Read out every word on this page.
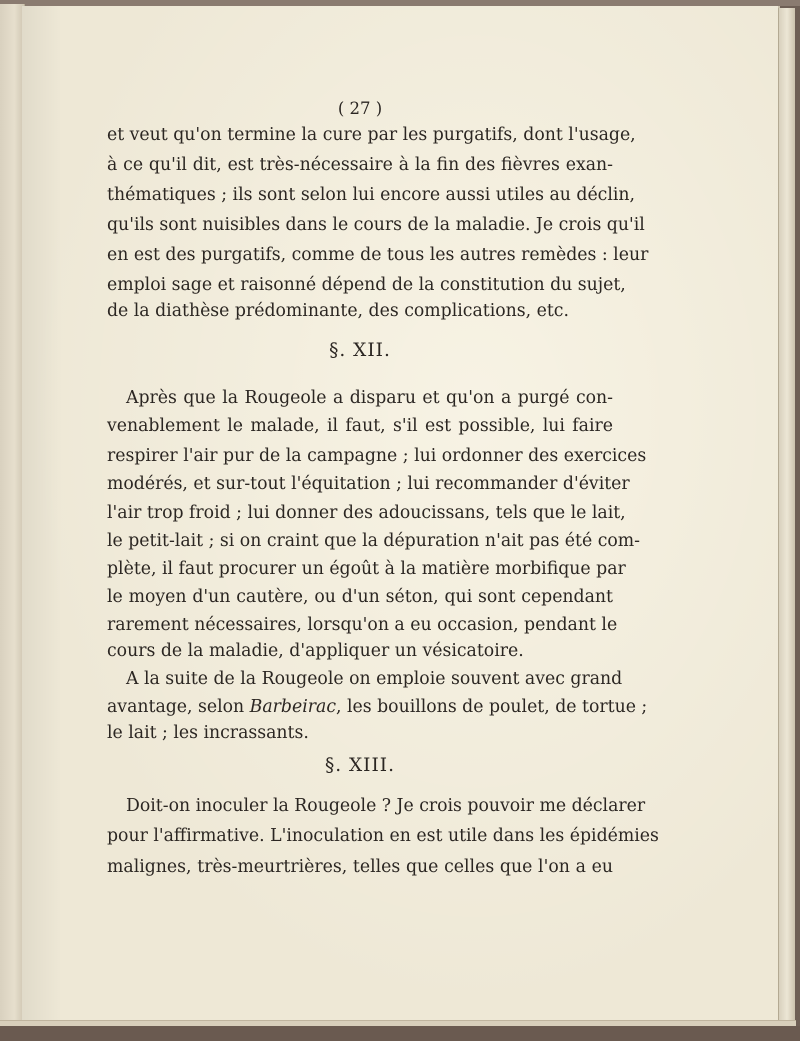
( 27 )
et veut qu'on termine la cure par les purgatifs, dont l'usage,
à ce qu'il dit, est très-nécessaire à la fin des fièvres exan-
thématiques ; ils sont selon lui encore aussi utiles au déclin,
qu'ils sont nuisibles dans le cours de la maladie. Je crois qu'il
en est des purgatifs, comme de tous les autres remèdes : leur
emploi sage et raisonné dépend de la constitution du sujet,
de la diathèse prédominante, des complications, etc.
§. XII.
Après que la Rougeole a disparu et qu'on a purgé con-
venablement le malade, il faut, s'il est possible, lui faire
respirer l'air pur de la campagne ; lui ordonner des exercices
modérés, et sur-tout l'équitation ; lui recommander d'éviter
l'air trop froid ; lui donner des adoucissans, tels que le lait,
le petit-lait ; si on craint que la dépuration n'ait pas été com-
plète, il faut procurer un égoût à la matière morbifique par
le moyen d'un cautère, ou d'un séton, qui sont cependant
rarement nécessaires, lorsqu'on a eu occasion, pendant le
cours de la maladie, d'appliquer un vésicatoire.
A la suite de la Rougeole on emploie souvent avec grand
avantage, selon Barbeirac, les bouillons de poulet, de tortue ;
le lait ; les incrassants.
§. XIII.
Doit-on inoculer la Rougeole ? Je crois pouvoir me déclarer
pour l'affirmative. L'inoculation en est utile dans les épidémies
malignes, très-meurtrières, telles que celles que l'on a eu
